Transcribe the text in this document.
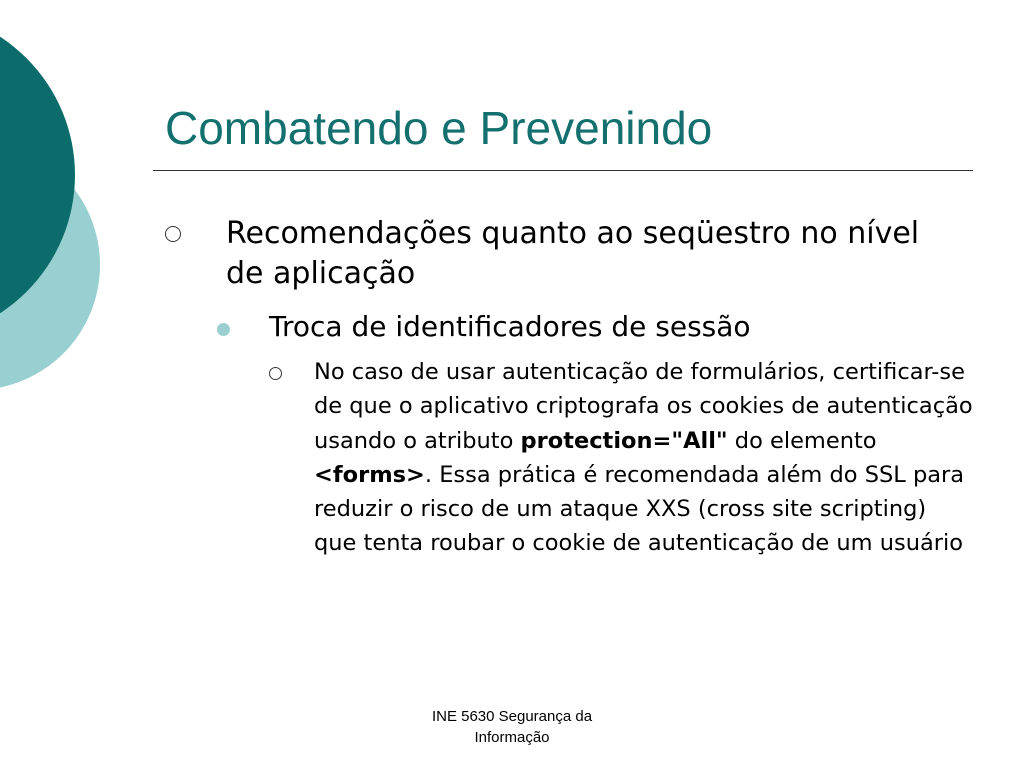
Combatendo e Prevenindo
Recomendações quanto ao seqüestro no nível de aplicação
Troca de identificadores de sessão
No caso de usar autenticação de formulários, certificar-se de que o aplicativo criptografa os cookies de autenticação usando o atributo protection="All" do elemento <forms>. Essa prática é recomendada além do SSL para reduzir o risco de um ataque XXS (cross site scripting) que tenta roubar o cookie de autenticação de um usuário
INE 5630 Segurança da
Informação
